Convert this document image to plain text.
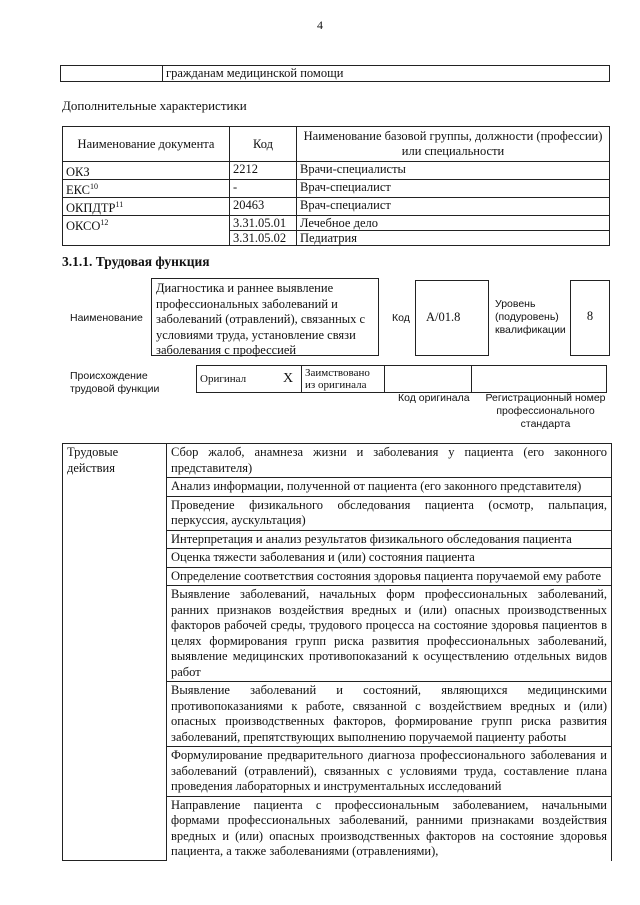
4
	гражданам медицинской помощи
Дополнительные характеристики
Наименование документа	Код	Наименование базовой группы, должности (профессии) или специальности
ОКЗ	2212	Врачи-специалисты
ЕКС$^{10}$	-	Врач-специалист
ОКПДТР$^{11}$	20463	Врач-специалист
ОКСО$^{12}$	3.31.05.01	Лечебное дело
	3.31.05.02	Педиатрия
3.1.1. Трудовая функция
Наименование
Диагностика и раннее выявление профессиональных заболеваний и заболеваний (отравлений), связанных с условиями труда, установление связи заболевания с профессией
Код	А/01.8
Уровень (подуровень) квалификации
8
Происхождение трудовой функции
Оригинал	X	Заимствовано из оригинала		
Код оригинала	Регистрационный номер профессионального стандарта
Трудовые действия	Сбор жалоб, анамнеза жизни и заболевания у пациента (его законного представителя)
Анализ информации, полученной от пациента (его законного представителя)
Проведение физикального обследования пациента (осмотр, пальпация, перкуссия, аускультация)
Интерпретация и анализ результатов физикального обследования пациента
Оценка тяжести заболевания и (или) состояния пациента
Определение соответствия состояния здоровья пациента поручаемой ему работе
Выявление заболеваний, начальных форм профессиональных заболеваний, ранних признаков воздействия вредных и (или) опасных производственных факторов рабочей среды, трудового процесса на состояние здоровья пациентов в целях формирования групп риска развития профессиональных заболеваний, выявление медицинских противопоказаний к осуществлению отдельных видов работ
Выявление заболеваний и состояний, являющихся медицинскими противопоказаниями к работе, связанной с воздействием вредных и (или) опасных производственных факторов, формирование групп риска развития заболеваний, препятствующих выполнению поручаемой пациенту работы
Формулирование предварительного диагноза профессионального заболевания и заболеваний (отравлений), связанных с условиями труда, составление плана проведения лабораторных и инструментальных исследований
Направление пациента с профессиональным заболеванием, начальными формами профессиональных заболеваний, ранними признаками воздействия вредных и (или) опасных производственных факторов на состояние здоровья пациента, а также заболеваниями (отравлениями),
